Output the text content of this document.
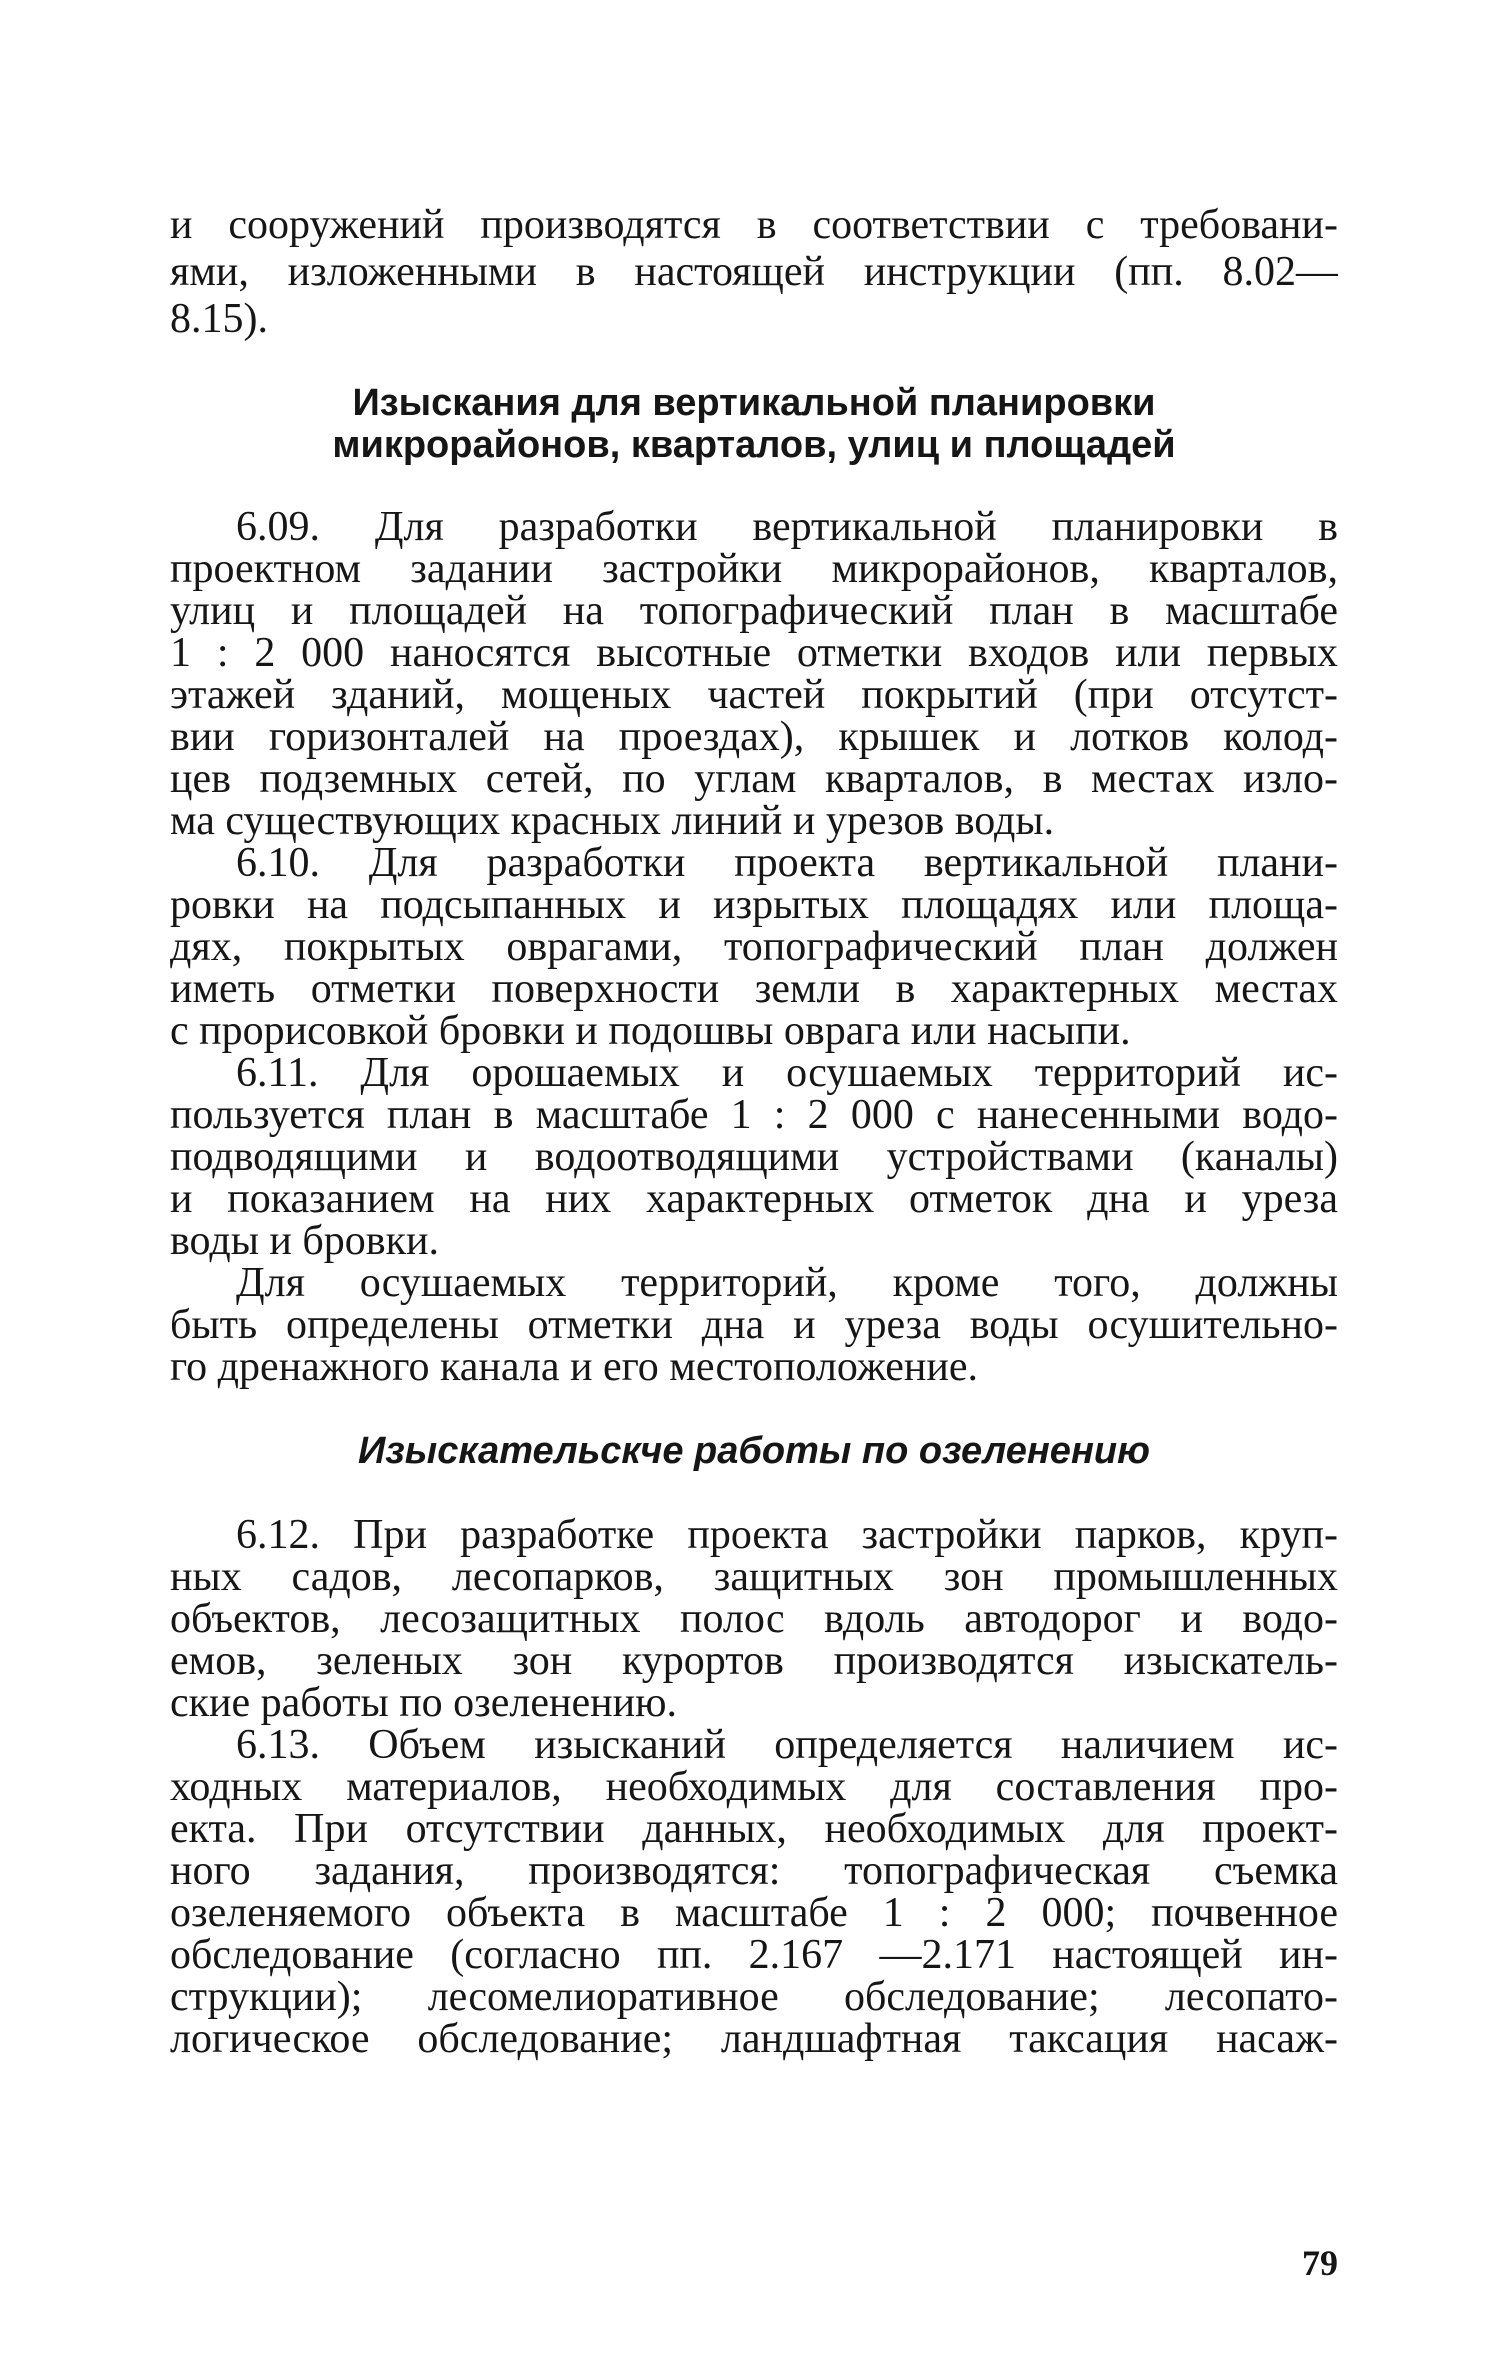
и сооружений производятся в соответствии с требовани-
ями, изложенными в настоящей инструкции (пп. 8.02—
8.15).
Изыскания для вертикальной планировки
микрорайонов, кварталов, улиц и площадей
6.09. Для разработки вертикальной планировки в
проектном задании застройки микрорайонов, кварталов,
улиц и площадей на топографический план в масштабе
1 : 2 000 наносятся высотные отметки входов или первых
этажей зданий, мощеных частей покрытий (при отсутст-
вии горизонталей на проездах), крышек и лотков колод-
цев подземных сетей, по углам кварталов, в местах изло-
ма существующих красных линий и урезов воды.
6.10. Для разработки проекта вертикальной плани-
ровки на подсыпанных и изрытых площадях или площа-
дях, покрытых оврагами, топографический план должен
иметь отметки поверхности земли в характерных местах
с прорисовкой бровки и подошвы оврага или насыпи.
6.11. Для орошаемых и осушаемых территорий ис-
пользуется план в масштабе 1 : 2 000 с нанесенными водо-
подводящими и водоотводящими устройствами (каналы)
и показанием на них характерных отметок дна и уреза
воды и бровки.
Для осушаемых территорий, кроме того, должны
быть определены отметки дна и уреза воды осушительно-
го дренажного канала и его местоположение.
Изыскательскче работы по озеленению
6.12. При разработке проекта застройки парков, круп-
ных садов, лесопарков, защитных зон промышленных
объектов, лесозащитных полос вдоль автодорог и водо-
емов, зеленых зон курортов производятся изыскатель-
ские работы по озеленению.
6.13. Объем изысканий определяется наличием ис-
ходных материалов, необходимых для составления про-
екта. При отсутствии данных, необходимых для проект-
ного задания, производятся: топографическая съемка
озеленяемого объекта в масштабе 1 : 2 000; почвенное
обследование (согласно пп. 2.167 —2.171 настоящей ин-
струкции); лесомелиоративное обследование; лесопато-
логическое обследование; ландшафтная таксация насаж-
79
